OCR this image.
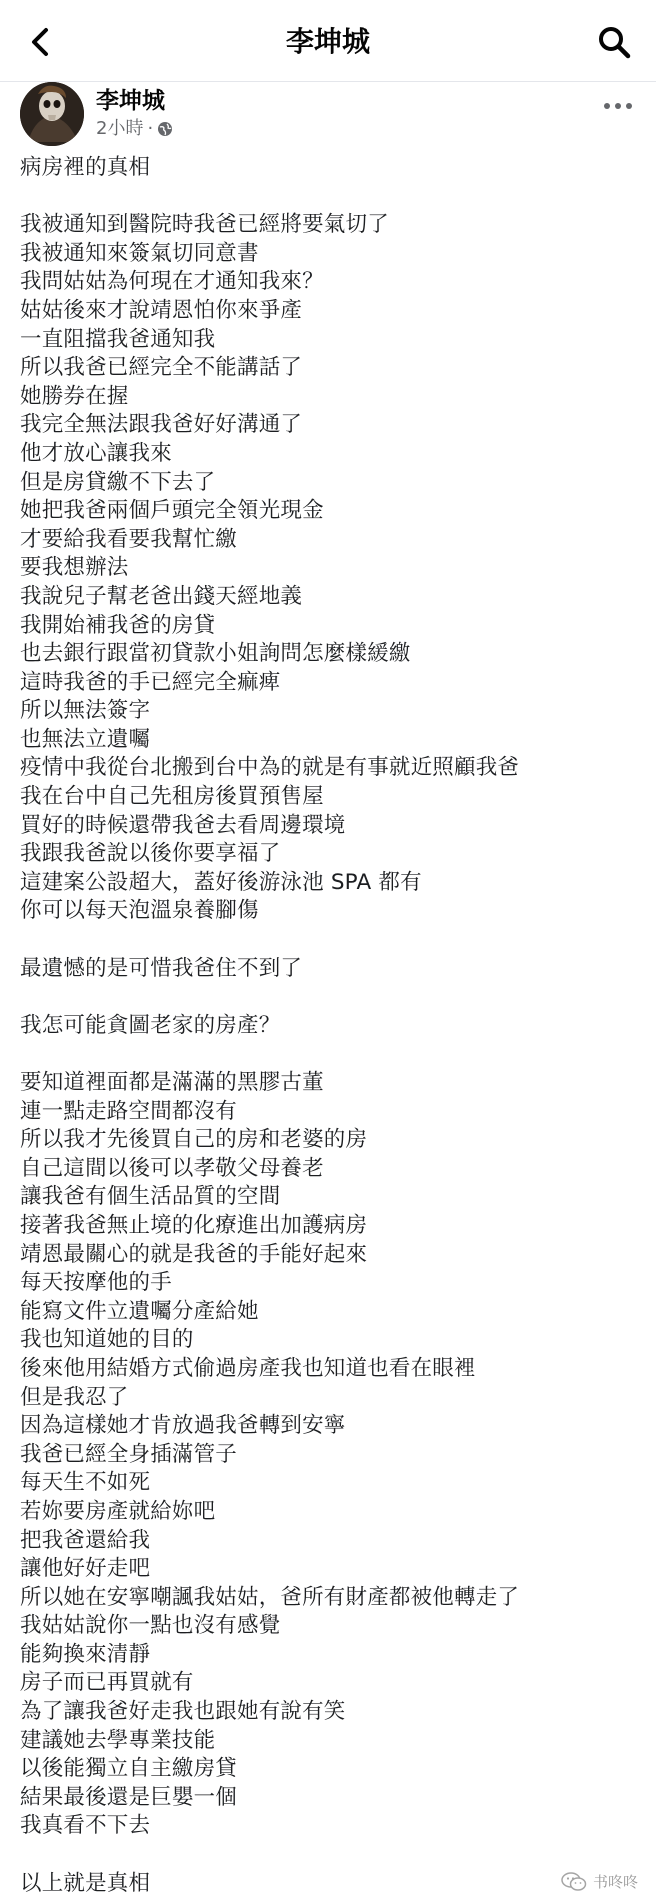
李坤城
李坤城
2小時 ·
病房裡的真相
我被通知到醫院時我爸已經將要氣切了
我被通知來簽氣切同意書
我問姑姑為何現在才通知我來？
姑姑後來才說靖恩怕你來爭產
一直阻擋我爸通知我
所以我爸已經完全不能講話了
她勝券在握
我完全無法跟我爸好好溝通了
他才放心讓我來
但是房貸繳不下去了
她把我爸兩個戶頭完全領光現金
才要給我看要我幫忙繳
要我想辦法
我說兒子幫老爸出錢天經地義
我開始補我爸的房貸
也去銀行跟當初貸款小姐詢問怎麼樣緩繳
這時我爸的手已經完全痲痺
所以無法簽字
也無法立遺囑
疫情中我從台北搬到台中為的就是有事就近照顧我爸
我在台中自己先租房後買預售屋
買好的時候還帶我爸去看周邊環境
我跟我爸說以後你要享福了
這建案公設超大，蓋好後游泳池 SPA 都有
你可以每天泡溫泉養腳傷
最遺憾的是可惜我爸住不到了
我怎可能貪圖老家的房產？
要知道裡面都是滿滿的黑膠古董
連一點走路空間都沒有
所以我才先後買自己的房和老婆的房
自己這間以後可以孝敬父母養老
讓我爸有個生活品質的空間
接著我爸無止境的化療進出加護病房
靖恩最關心的就是我爸的手能好起來
每天按摩他的手
能寫文件立遺囑分產給她
我也知道她的目的
後來他用結婚方式偷過房產我也知道也看在眼裡
但是我忍了
因為這樣她才肯放過我爸轉到安寧
我爸已經全身插滿管子
每天生不如死
若妳要房產就給妳吧
把我爸還給我
讓他好好走吧
所以她在安寧嘲諷我姑姑，爸所有財產都被他轉走了
我姑姑說你一點也沒有感覺
能夠換來清靜
房子而已再買就有
為了讓我爸好走我也跟她有說有笑
建議她去學專業技能
以後能獨立自主繳房貸
結果最後還是巨嬰一個
我真看不下去
以上就是真相	书咚咚
